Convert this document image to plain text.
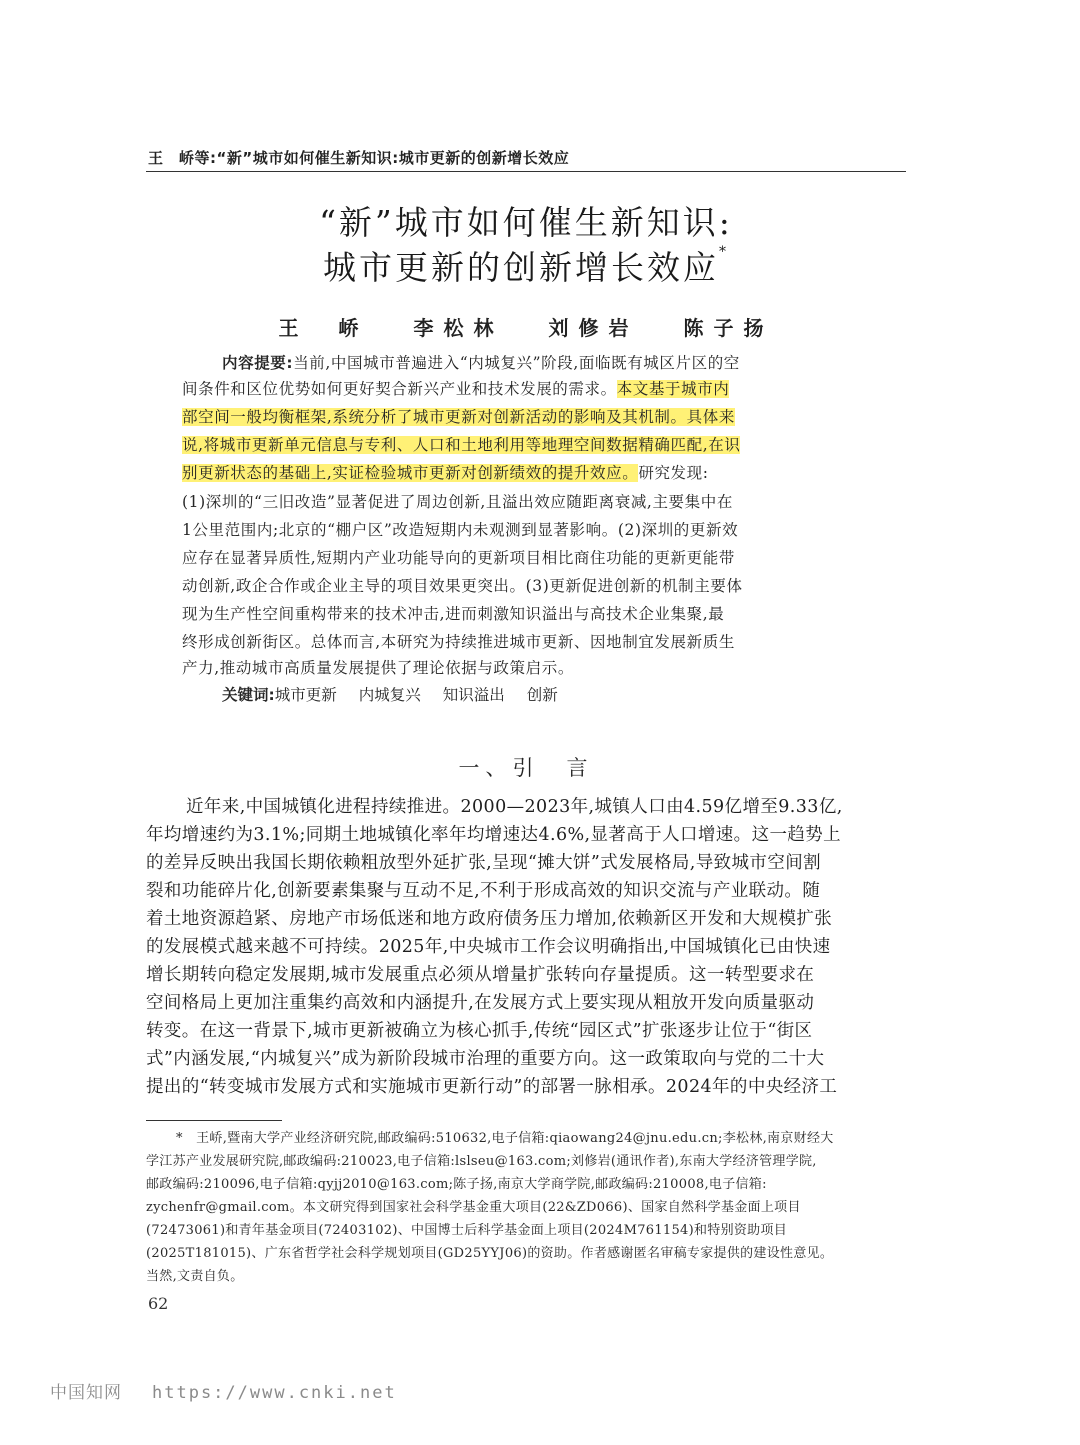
王　峤等:“新”城市如何催生新知识:城市更新的创新增长效应
“新”城市如何催生新知识:
城市更新的创新增长效应*
王　峤 李松林 刘修岩 陈子扬
内容提要:当前,中国城市普遍进入“内城复兴”阶段,面临既有城区片区的空
间条件和区位优势如何更好契合新兴产业和技术发展的需求。本文基于城市内
部空间一般均衡框架,系统分析了城市更新对创新活动的影响及其机制。具体来
说,将城市更新单元信息与专利、人口和土地利用等地理空间数据精确匹配,在识
别更新状态的基础上,实证检验城市更新对创新绩效的提升效应。研究发现:
(1)深圳的“三旧改造”显著促进了周边创新,且溢出效应随距离衰减,主要集中在
1公里范围内;北京的“棚户区”改造短期内未观测到显著影响。(2)深圳的更新效
应存在显著异质性,短期内产业功能导向的更新项目相比商住功能的更新更能带
动创新,政企合作或企业主导的项目效果更突出。(3)更新促进创新的机制主要体
现为生产性空间重构带来的技术冲击,进而刺激知识溢出与高技术企业集聚,最
终形成创新街区。总体而言,本研究为持续推进城市更新、因地制宜发展新质生
产力,推动城市高质量发展提供了理论依据与政策启示。
关键词:城市更新 内城复兴 知识溢出 创新
一、引　言
近年来,中国城镇化进程持续推进。2000—2023年,城镇人口由4.59亿增至9.33亿,
年均增速约为3.1%;同期土地城镇化率年均增速达4.6%,显著高于人口增速。这一趋势上
的差异反映出我国长期依赖粗放型外延扩张,呈现“摊大饼”式发展格局,导致城市空间割
裂和功能碎片化,创新要素集聚与互动不足,不利于形成高效的知识交流与产业联动。随
着土地资源趋紧、房地产市场低迷和地方政府债务压力增加,依赖新区开发和大规模扩张
的发展模式越来越不可持续。2025年,中央城市工作会议明确指出,中国城镇化已由快速
增长期转向稳定发展期,城市发展重点必须从增量扩张转向存量提质。这一转型要求在
空间格局上更加注重集约高效和内涵提升,在发展方式上要实现从粗放开发向质量驱动
转变。在这一背景下,城市更新被确立为核心抓手,传统“园区式”扩张逐步让位于“街区
式”内涵发展,“内城复兴”成为新阶段城市治理的重要方向。这一政策取向与党的二十大
提出的“转变城市发展方式和实施城市更新行动”的部署一脉相承。2024年的中央经济工
*　王峤,暨南大学产业经济研究院,邮政编码:510632,电子信箱:qiaowang24@jnu.edu.cn;李松林,南京财经大
学江苏产业发展研究院,邮政编码:210023,电子信箱:lslseu@163.com;刘修岩(通讯作者),东南大学经济管理学院,
邮政编码:210096,电子信箱:qyjj2010@163.com;陈子扬,南京大学商学院,邮政编码:210008,电子信箱:
zychenfr@gmail.com。本文研究得到国家社会科学基金重大项目(22&ZD066)、国家自然科学基金面上项目
(72473061)和青年基金项目(72403102)、中国博士后科学基金面上项目(2024M761154)和特别资助项目
(2025T181015)、广东省哲学社会科学规划项目(GD25YYJ06)的资助。作者感谢匿名审稿专家提供的建设性意见。
当然,文责自负。
62
中国知网 https://www.cnki.net
